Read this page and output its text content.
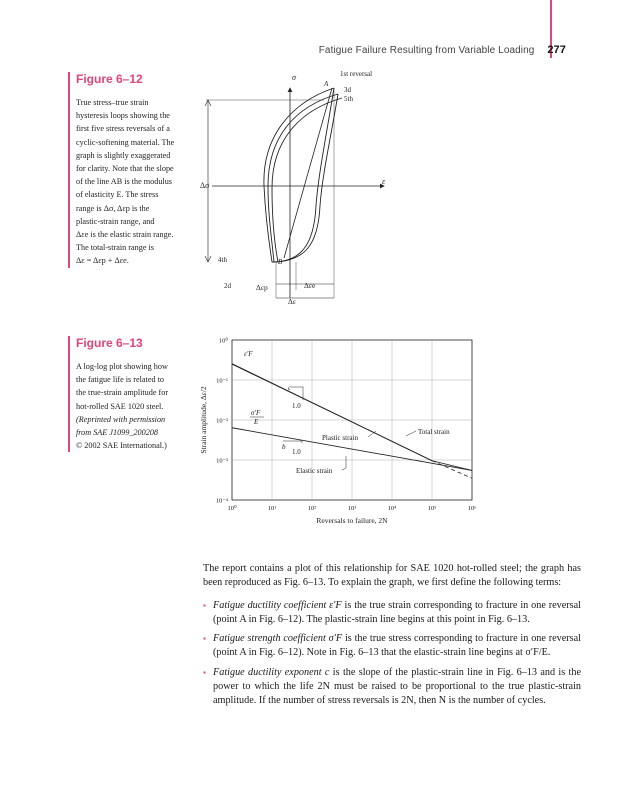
Fatigue Failure Resulting from Variable Loading 277
Figure 6–12
True stress–true strain
hysteresis loops showing the
first five stress reversals of a
cyclic-softening material. The
graph is slightly exaggerated
for clarity. Note that the slope
of the line AB is the modulus
of elasticity E. The stress
range is Δσ, Δεp is the
plastic-strain range, and
Δεe is the elastic strain range.
The total-strain range is
Δε = Δεp + Δεe.
σ
ε
A
B
1st reversal
3d
5th
4th
2d
Δσ
Δεp	Δεe
Δε
Figure 6–13
A log-log plot showing how
the fatigue life is related to
the true-strain amplitude for
hot-rolled SAE 1020 steel.
(Reprinted with permission
from SAE J1099_200208
© 2002 SAE International.)
10⁰	10¹	10²	10³	10⁴	10⁵	10⁶
10⁰
10⁻¹
10⁻²
10⁻³
10⁻⁴
c
1.0
b
1.0
ε′F
σ′F
E
Plastic strain
Elastic strain
Total strain
Reversals to failure, 2N
Strain amplitude, Δε/2

The report contains a plot of this relationship for SAE 1020 hot-rolled steel; the graph has been reproduced as Fig. 6–13. To explain the graph, we first define the following terms:

▪ Fatigue ductility coefficient ε′F is the true strain corresponding to fracture in one reversal (point A in Fig. 6–12). The plastic-strain line begins at this point in Fig. 6–13.
▪ Fatigue strength coefficient σ′F is the true stress corresponding to fracture in one reversal (point A in Fig. 6–12). Note in Fig. 6–13 that the elastic-strain line begins at σ′F/E.
▪ Fatigue ductility exponent c is the slope of the plastic-strain line in Fig. 6–13 and is the power to which the life 2N must be raised to be proportional to the true plastic-strain amplitude. If the number of stress reversals is 2N, then N is the number of cycles.
